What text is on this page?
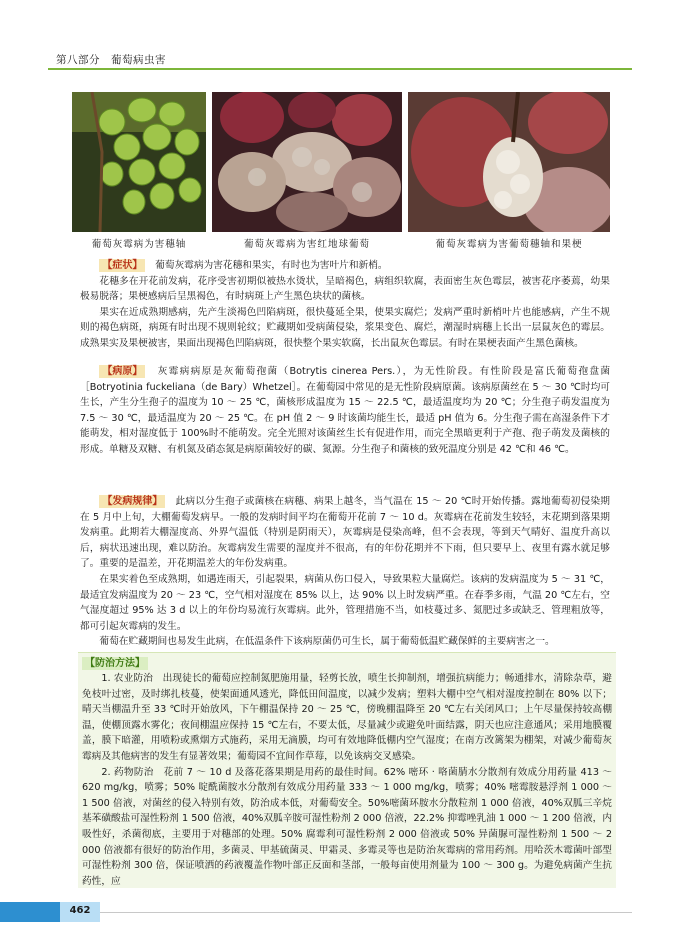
第八部分　葡萄病虫害
葡萄灰霉病为害穗轴	葡萄灰霉病为害红地球葡萄	葡萄灰霉病为害葡萄穗轴和果梗

【症状】　 葡萄灰霉病为害花穗和果实，有时也为害叶片和新梢。

花穗多在开花前发病，花序受害初期似被热水烫状，呈暗褐色，病组织软腐，表面密生灰色霉层，被害花序萎蔫，幼果极易脱落；果梗感病后呈黑褐色，有时病斑上产生黑色块状的菌核。

果实在近成熟期感病，先产生淡褐色凹陷病斑，很快蔓延全果，使果实腐烂；发病严重时新梢叶片也能感病，产生不规则的褐色病斑，病斑有时出现不规则轮纹；贮藏期如受病菌侵染，浆果变色、腐烂，潮湿时病穗上长出一层鼠灰色的霉层。成熟果实及果梗被害，果面出现褐色凹陷病斑，很快整个果实软腐，长出鼠灰色霉层。有时在果梗表面产生黑色菌核。

【病原】　 灰霉病病原是灰葡萄孢菌（Botrytis cinerea Pers.），为无性阶段。有性阶段是富氏葡萄孢盘菌［Botryotinia fuckeliana（de Bary）Whetzel］。在葡萄园中常见的是无性阶段病原菌。该病原菌丝在 5 ～ 30 ℃时均可生长，产生分生孢子的温度为 10 ～ 25 ℃，菌核形成温度为 15 ～ 22.5 ℃，最适温度均为 20 ℃；分生孢子萌发温度为 7.5 ～ 30 ℃，最适温度为 20 ～ 25 ℃。在 pH 值 2 ～ 9 时该菌均能生长，最适 pH 值为 6。分生孢子需在高湿条件下才能萌发，相对湿度低于 100%时不能萌发。完全光照对该菌丝生长有促进作用，而完全黑暗更利于产孢、孢子萌发及菌核的形成。单糖及双糖、有机氮及硝态氮是病原菌较好的碳、氮源。分生孢子和菌核的致死温度分别是 42 ℃和 46 ℃。

【发病规律】　 此病以分生孢子或菌核在病穗、病果上越冬，当气温在 15 ～ 20 ℃时开始传播。露地葡萄初侵染期在 5 月中上旬，大棚葡萄发病早。一般的发病时间平均在葡萄开花前 7 ～ 10 d。灰霉病在花前发生较轻，末花期到落果期发病重。此期若大棚湿度高、外界气温低（特别是阴雨天），灰霉病是侵染高峰，但不会表现，等到天气晴好、温度升高以后，病状迅速出现，难以防治。灰霉病发生需要的湿度并不很高，有的年份花期并不下雨，但只要早上、夜里有露水就足够了。重要的是温差，开花期温差大的年份发病重。

在果实着色至成熟期，如遇连雨天，引起裂果，病菌从伤口侵入，导致果粒大量腐烂。该病的发病温度为 5 ～ 31 ℃，最适宜发病温度为 20 ～ 23 ℃，空气相对湿度在 85% 以上，达 90% 以上时发病严重。在春季多雨，气温 20 ℃左右，空气湿度超过 95% 达 3 d 以上的年份均易流行灰霉病。此外，管理措施不当，如枝蔓过多、氮肥过多或缺乏、管理粗放等，都可引起灰霉病的发生。

葡萄在贮藏期间也易发生此病，在低温条件下该病原菌仍可生长，属于葡萄低温贮藏保鲜的主要病害之一。

【防治方法】

1. 农业防治　出现徒长的葡萄应控制氮肥施用量，轻剪长放，喷生长抑制剂，增强抗病能力；畅通排水，清除杂草，避免枝叶过密，及时绑扎枝蔓，使架面通风透光，降低田间温度，以减少发病；塑料大棚中空气相对湿度控制在 80% 以下；晴天当棚温升至 33 ℃时开始放风，下午棚温保持 20 ～ 25 ℃，傍晚棚温降至 20 ℃左右关闭风口；上午尽量保持较高棚温，使棚顶露水雾化；夜间棚温应保持 15 ℃左右，不要太低，尽量减少或避免叶面结露，阴天也应注意通风；采用地膜覆盖，膜下暗灌，用喷粉或熏烟方式施药，采用无滴膜，均可有效地降低棚内空气湿度；在南方改篱架为棚架，对减少葡萄灰霉病及其他病害的发生有显著效果；葡萄园不宜间作草莓，以免该病交叉感染。

2. 药物防治　花前 7 ～ 10 d 及落花落果期是用药的最佳时间。62% 嘧环 · 咯菌腈水分散剂有效成分用药量 413 ～ 620 mg/kg，喷雾；50% 啶酰菌胺水分散剂有效成分用药量 333 ～ 1 000 mg/kg，喷雾；40% 嘧霉胺悬浮剂 1 000 ～ 1 500 倍液，对菌丝的侵入特别有效，防治成本低，对葡萄安全。50%嘧菌环胺水分散粒剂 1 000 倍液，40%双胍三辛烷基苯磺酸盐可湿性粉剂 1 500 倍液，40%双胍辛胺可湿性粉剂 2 000 倍液，22.2% 抑霉唑乳油 1 000 ～ 1 200 倍液，内吸性好，杀菌彻底，主要用于对穗部的处理。50% 腐霉利可湿性粉剂 2 000 倍液或 50% 异菌脲可湿性粉剂 1 500 ～ 2 000 倍液都有很好的防治作用，多菌灵、甲基硫菌灵、甲霜灵、多霉灵等也是防治灰霉病的常用药剂。用哈茨木霉菌叶部型可湿性粉剂 300 倍，保证喷洒的药液覆盖作物叶部正反面和茎部，一般每亩使用剂量为 100 ～ 300 g。为避免病菌产生抗药性，应

462
